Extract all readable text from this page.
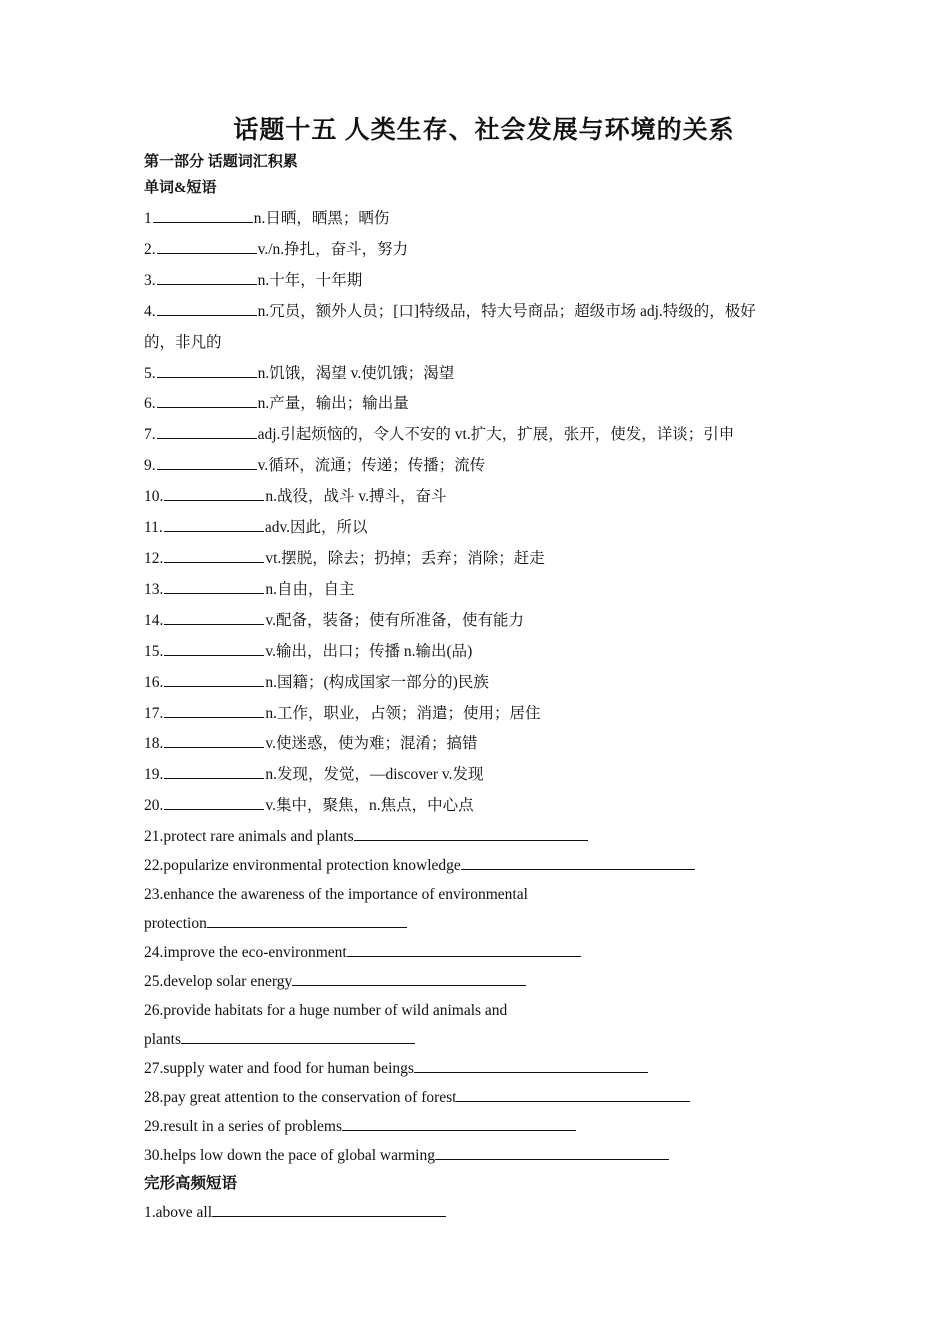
话题十五 人类生存、社会发展与环境的关系

第一部分 话题词汇积累

单词&短语

1	n.日晒，晒黑；晒伤

2.	v./n.挣扎，奋斗，努力

3.	n.十年，十年期

4.	n.冗员，额外人员；[口]特级品，特大号商品；超级市场 adj.特级的，极好
的，非凡的

5.	n.饥饿，渴望 v.使饥饿；渴望

6.	n.产量，输出；输出量

7.	adj.引起烦恼的，令人不安的 vt.扩大，扩展，张开，使发，详谈；引申

9.	v.循环，流通；传递；传播；流传

10.	n.战役，战斗 v.搏斗，奋斗

11.	adv.因此，所以

12.	vt.摆脱，除去；扔掉；丢弃；消除；赶走

13.	n.自由，自主

14.	v.配备，装备；使有所准备，使有能力

15.	v.输出，出口；传播 n.输出(品)

16.	n.国籍；(构成国家一部分的)民族

17.	n.工作，职业，占领；消遣；使用；居住

18.	v.使迷惑，使为难；混淆；搞错

19.	n.发现，发觉，—discover v.发现

20.	v.集中，聚焦，n.焦点，中心点

21.protect rare animals and plants

22.popularize environmental protection knowledge

23.enhance the awareness of the importance of environmental
protection

24.improve the eco-environment

25.develop solar energy

26.provide habitats for a huge number of wild animals and
plants

27.supply water and food for human beings

28.pay great attention to the conservation of forest

29.result in a series of problems

30.helps low down the pace of global warming

完形高频短语

1.above all
